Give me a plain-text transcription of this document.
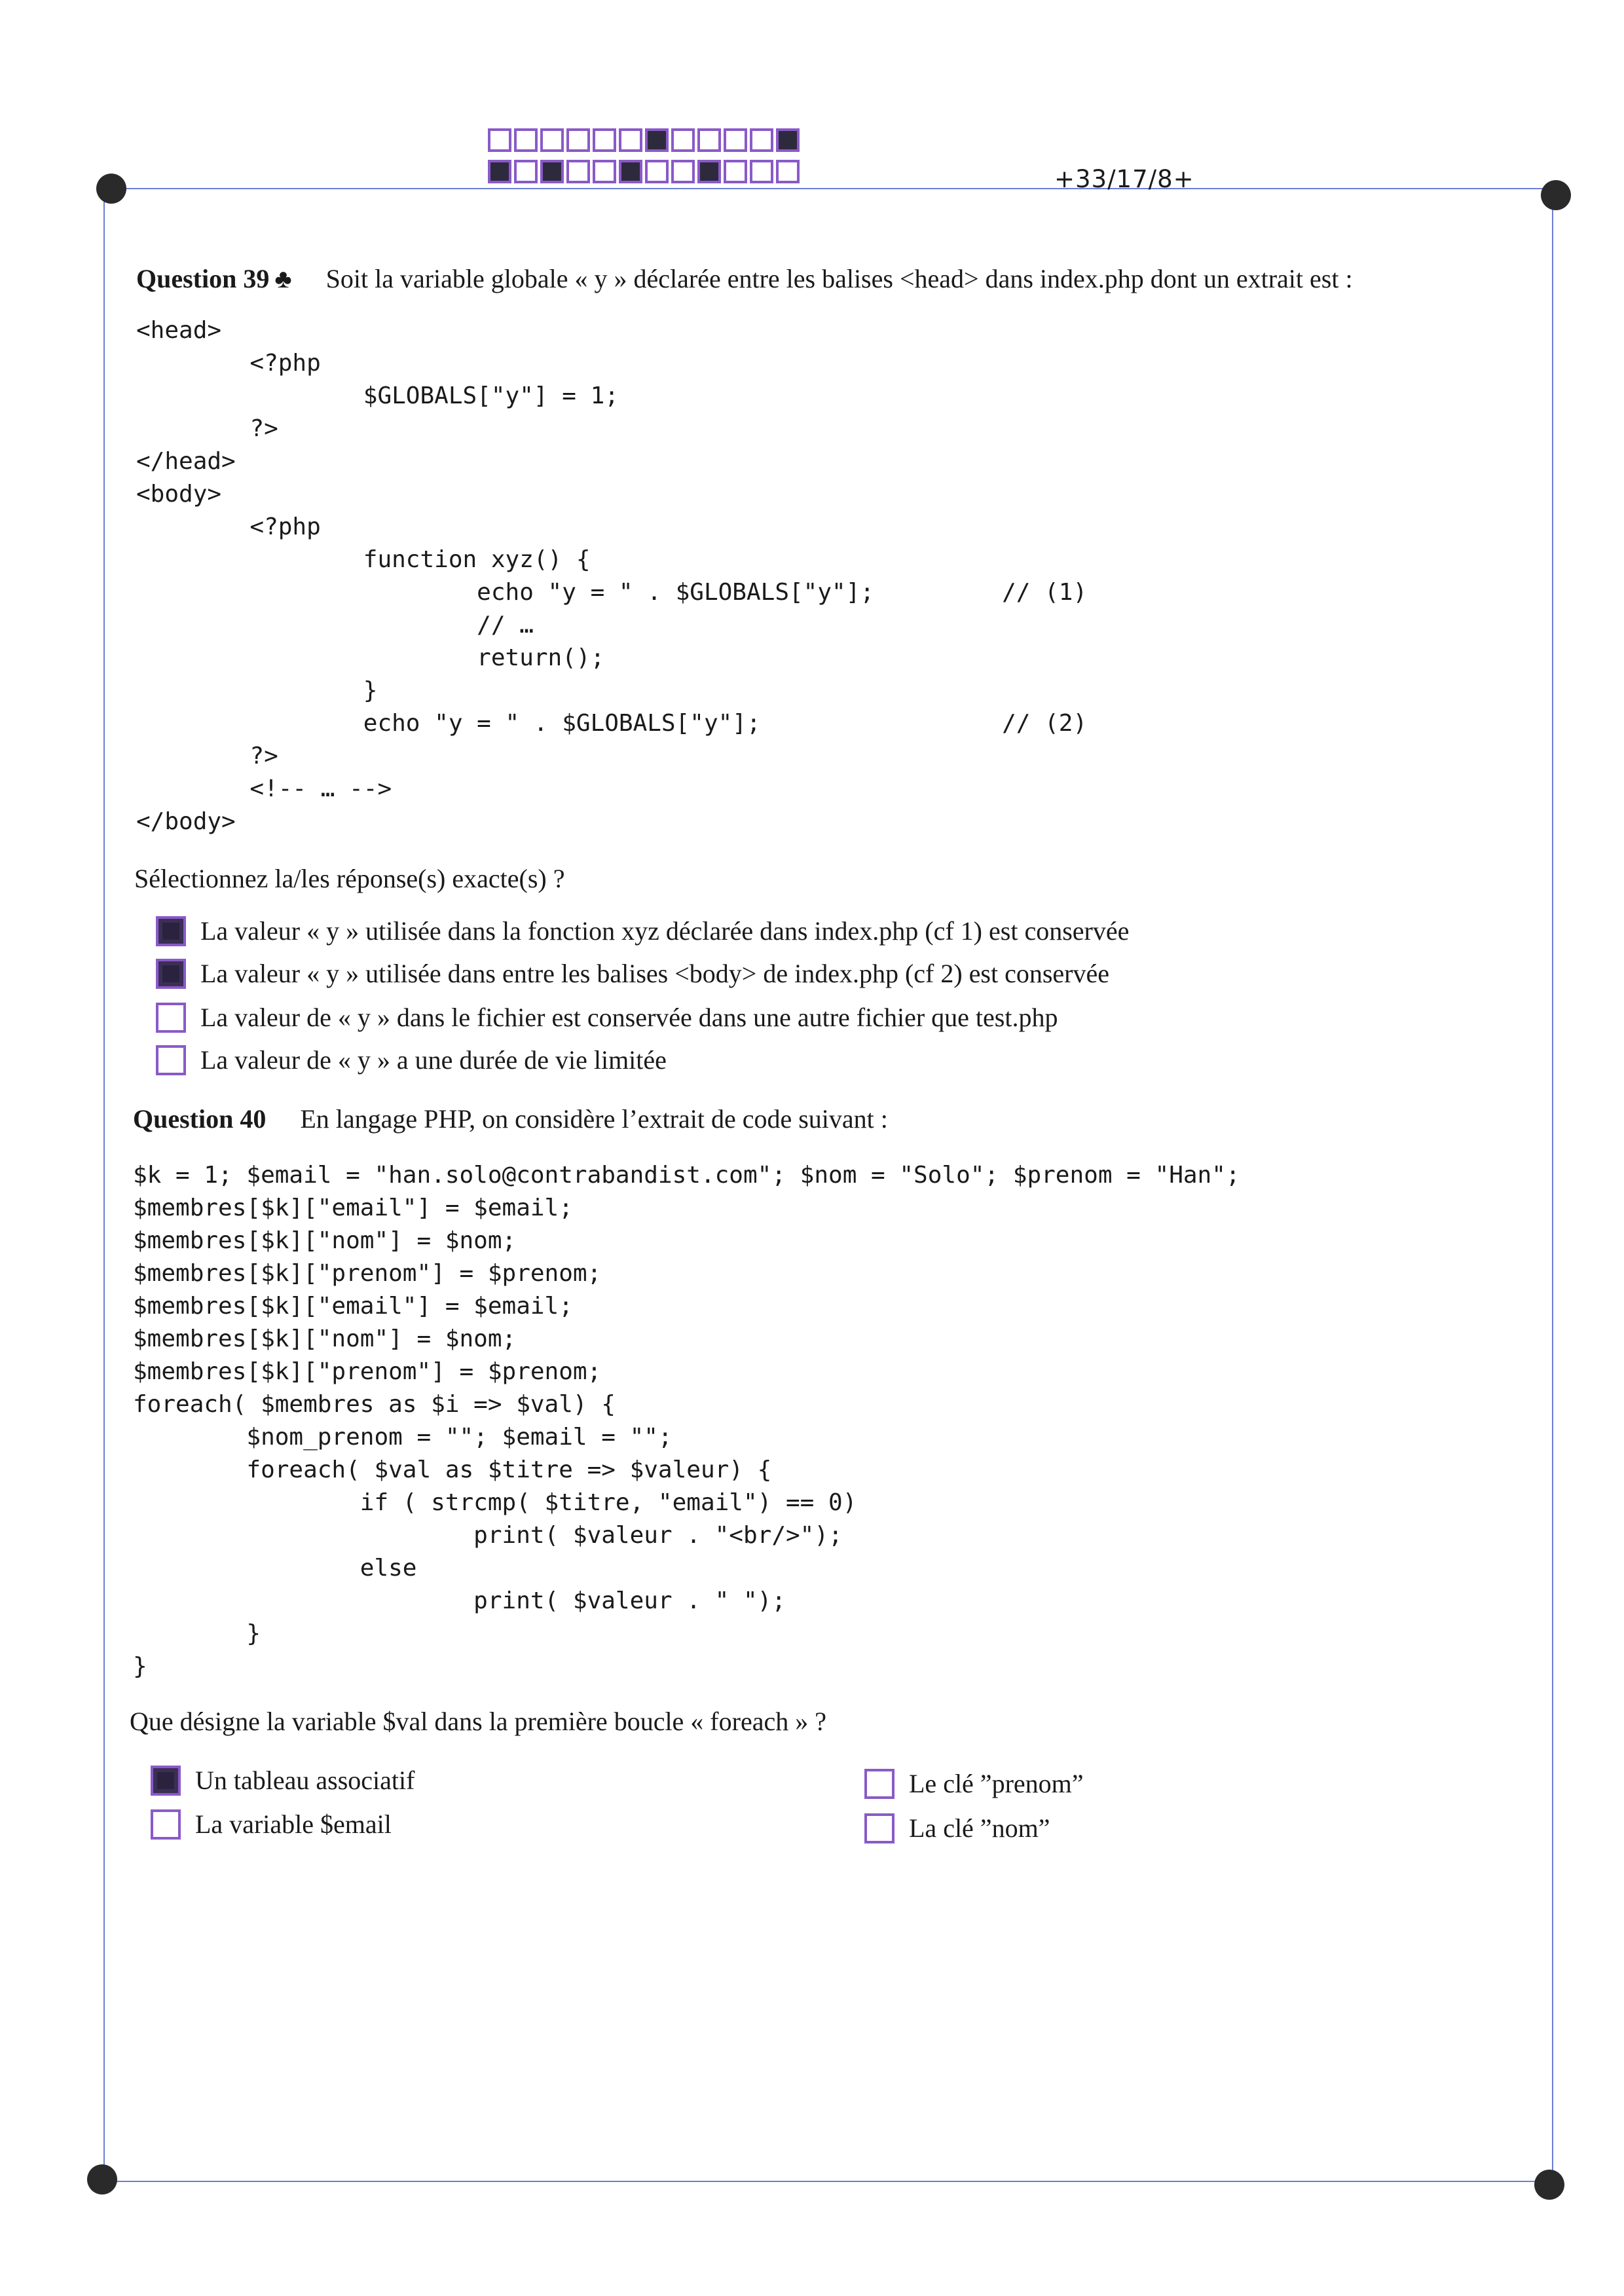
+33/17/8+
Question 39 ♣ Soit la variable globale « y » déclarée entre les balises <head> dans index.php dont un extrait est :
<head>
<?php
$GLOBALS["y"] = 1;
?>
</head>
<body>
<?php
function xyz() {
echo "y = " . $GLOBALS["y"];         // (1)
// …
return();
}
echo "y = " . $GLOBALS["y"];                 // (2)
?>
<!-- … -->
</body>
Sélectionnez la/les réponse(s) exacte(s) ?
La valeur « y » utilisée dans la fonction xyz déclarée dans index.php (cf 1) est conservée
La valeur « y » utilisée dans entre les balises <body> de index.php (cf 2) est conservée
La valeur de « y » dans le fichier est conservée dans une autre fichier que test.php
La valeur de « y » a une durée de vie limitée
Question 40 En langage PHP, on considère l’extrait de code suivant :
$k = 1; $email = "han.solo@contrabandist.com"; $nom = "Solo"; $prenom = "Han";
$membres[$k]["email"] = $email;
$membres[$k]["nom"] = $nom;
$membres[$k]["prenom"] = $prenom;
$membres[$k]["email"] = $email;
$membres[$k]["nom"] = $nom;
$membres[$k]["prenom"] = $prenom;
foreach( $membres as $i => $val) {
$nom_prenom = ""; $email = "";
foreach( $val as $titre => $valeur) {
if ( strcmp( $titre, "email") == 0)
print( $valeur . "<br/>");
else
print( $valeur . " ");
}
}
Que désigne la variable $val dans la première boucle « foreach » ?
Un tableau associatif
La variable $email
Le clé ”prenom”
La clé ”nom”
